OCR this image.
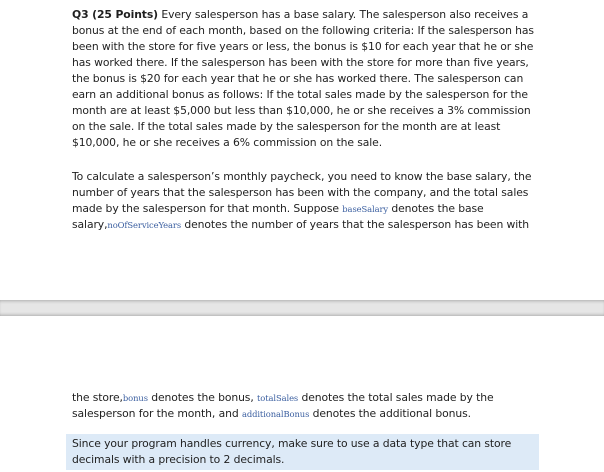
Q3 (25 Points) Every salesperson has a base salary. The salesperson also receives a bonus at the end of each month, based on the following criteria: If the salesperson has been with the store for five years or less, the bonus is $10 for each year that he or she has worked there. If the salesperson has been with the store for more than five years, the bonus is $20 for each year that he or she has worked there. The salesperson can earn an additional bonus as follows: If the total sales made by the salesperson for the month are at least $5,000 but less than $10,000, he or she receives a 3% commission on the sale. If the total sales made by the salesperson for the month are at least $10,000, he or she receives a 6% commission on the sale.

To calculate a salesperson’s monthly paycheck, you need to know the base salary, the number of years that the salesperson has been with the company, and the total sales made by the salesperson for that month. Suppose baseSalary denotes the base salary,noOfServiceYears denotes the number of years that the salesperson has been with

the store,bonus denotes the bonus, totalSales denotes the total sales made by the salesperson for the month, and additionalBonus denotes the additional bonus.

Since your program handles currency, make sure to use a data type that can store decimals with a precision to 2 decimals.
